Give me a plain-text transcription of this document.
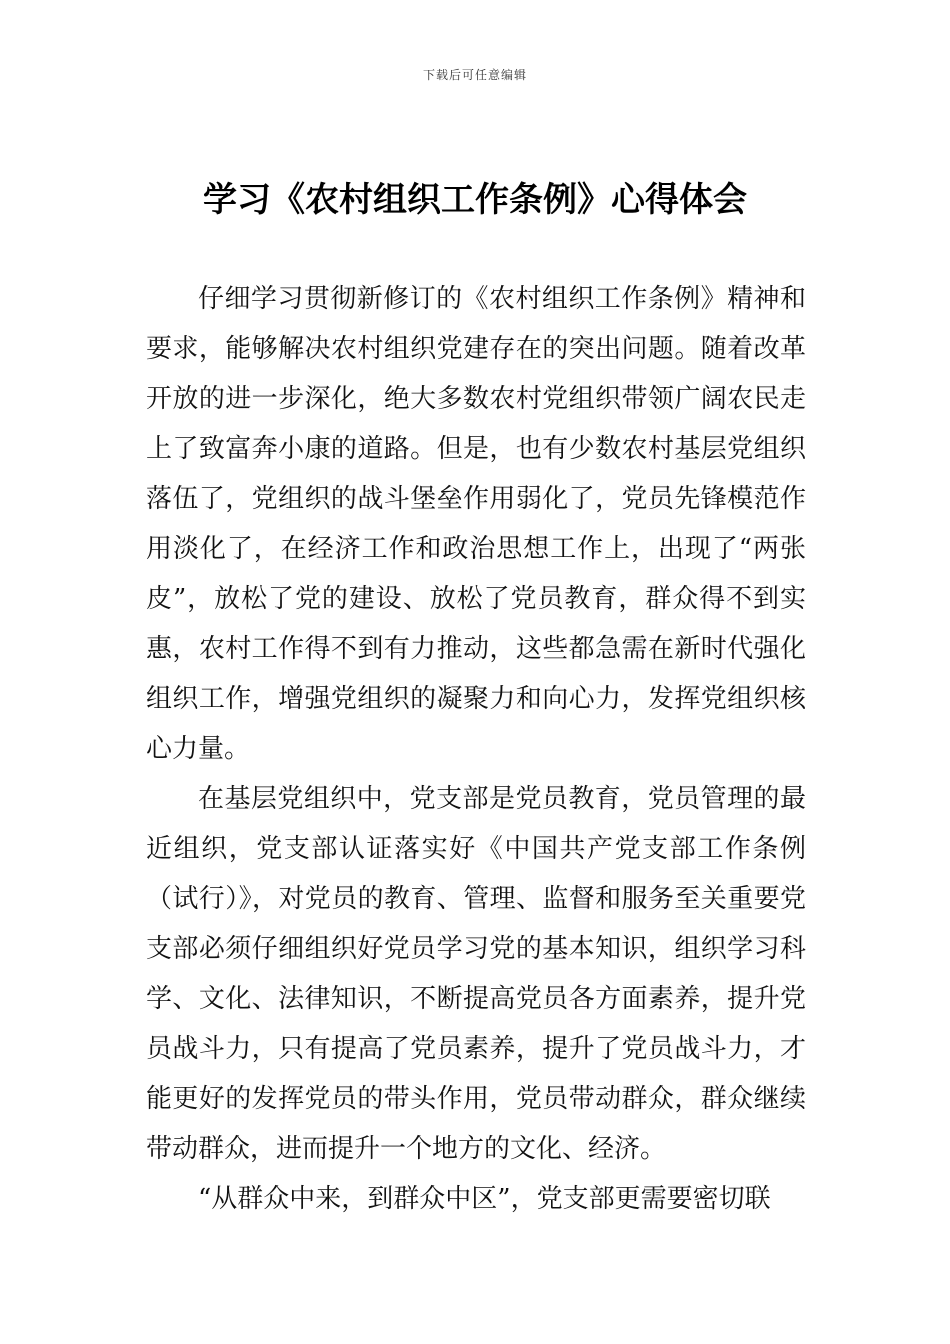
下载后可任意编辑
学习《农村组织工作条例》心得体会

仔细学习贯彻新修订的《农村组织工作条例》精神和要求，能够解决农村组织党建存在的突出问题。随着改革开放的进一步深化，绝大多数农村党组织带领广阔农民走上了致富奔小康的道路。但是，也有少数农村基层党组织落伍了，党组织的战斗堡垒作用弱化了，党员先锋模范作用淡化了，在经济工作和政治思想工作上，出现了“两张皮”，放松了党的建设、放松了党员教育，群众得不到实惠，农村工作得不到有力推动，这些都急需在新时代强化组织工作，增强党组织的凝聚力和向心力，发挥党组织核心力量。

在基层党组织中，党支部是党员教育，党员管理的最近组织，党支部认证落实好《中国共产党支部工作条例（试行）》，对党员的教育、管理、监督和服务至关重要党支部必须仔细组织好党员学习党的基本知识，组织学习科学、文化、法律知识，不断提高党员各方面素养，提升党员战斗力，只有提高了党员素养，提升了党员战斗力，才能更好的发挥党员的带头作用，党员带动群众，群众继续带动群众，进而提升一个地方的文化、经济。

“从群众中来，到群众中区”，党支部更需要密切联
